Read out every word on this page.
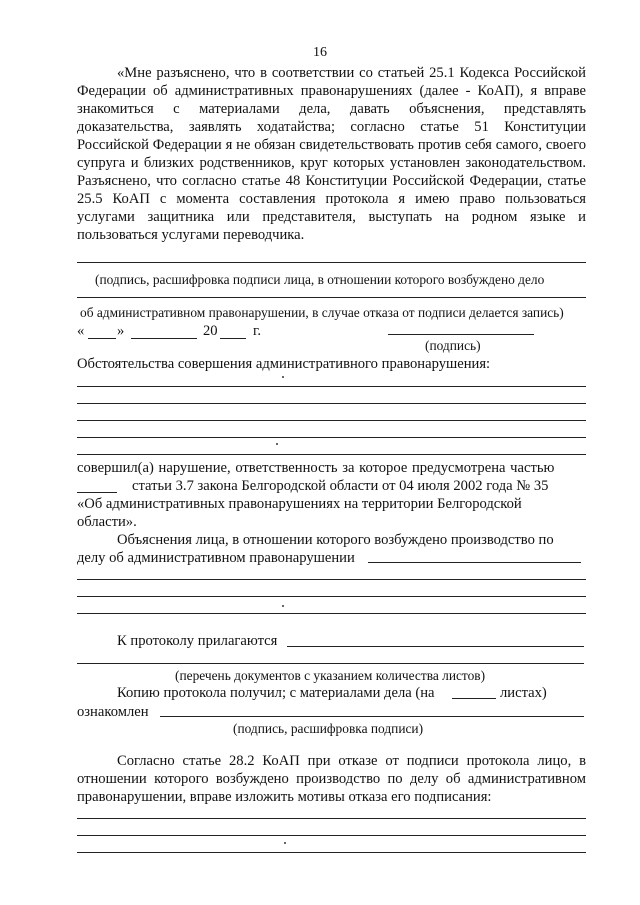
16
«Мне разъяснено, что в соответствии со статьей 25.1 Кодекса Российской Федерации об административных правонарушениях (далее - КоАП), я вправе знакомиться с материалами дела, давать объяснения, представлять доказательства, заявлять ходатайства; согласно статье 51 Конституции Российской Федерации я не обязан свидетельствовать против себя самого, своего супруга и близких родственников, круг которых установлен законодательством. Разъяснено, что согласно статье 48 Конституции Российской Федерации, статье 25.5 КоАП с момента составления протокола я имею право пользоваться услугами защитника или представителя, выступать на родном языке и пользоваться услугами переводчика.
(подпись, расшифровка подписи лица, в отношении которого возбуждено дело
об административном правонарушении, в случае отказа от подписи делается запись)
« »	20 г.
(подпись)
Обстоятельства совершения административного правонарушения:
совершил(а) нарушение, ответственность за которое предусмотрена частью
статьи 3.7 закона Белгородской области от 04 июля 2002 года № 35
«Об административных правонарушениях на территории Белгородской
области».
Объяснения лица, в отношении которого возбуждено производство по
делу об административном правонарушении
К протоколу прилагаются
(перечень документов с указанием количества листов)
Копию протокола получил; с материалами дела (на	листах)
ознакомлен
(подпись, расшифровка подписи)
Согласно статье 28.2 КоАП при отказе от подписи протокола лицо, в отношении которого возбуждено производство по делу об административном правонарушении, вправе изложить мотивы отказа его подписания:
